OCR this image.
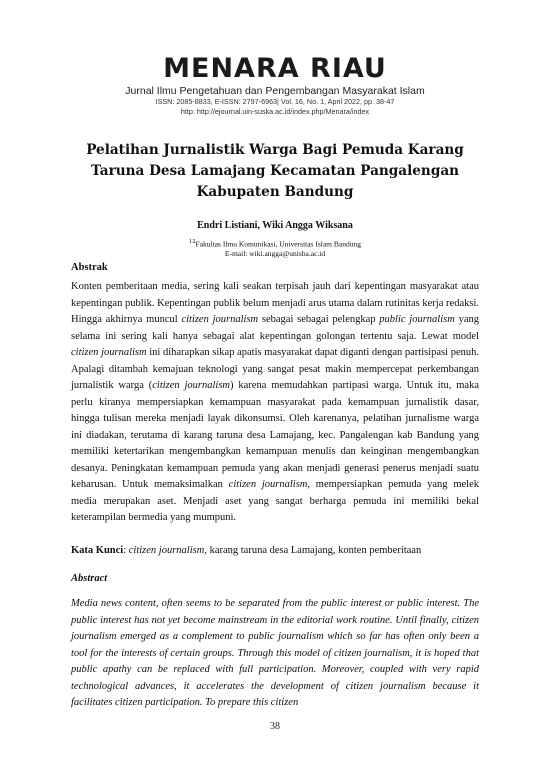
MENARA RIAU
Jurnal Ilmu Pengetahuan dan Pengembangan Masyarakat Islam
ISSN: 2085-8833, E-ISSN: 2797-6963| Vol. 16, No. 1, April 2022, pp. 38-47
http: http://ejournal.uin-suska.ac.id/index.php/Menara/index
Pelatihan Jurnalistik Warga Bagi Pemuda Karang Taruna Desa Lamajang Kecamatan Pangalengan Kabupaten Bandung
Endri Listiani, Wiki Angga Wiksana
$^{12}$Fakultas Ilmu Komunikasi, Universitas Islam Bandung
E-mail: wiki.angga@unisba.ac.id
Abstrak

Konten pemberitaan media, sering kali seakan terpisah jauh dari kepentingan masyarakat atau kepentingan publik. Kepentingan publik belum menjadi arus utama dalam rutinitas kerja redaksi. Hingga akhirnya muncul citizen journalism sebagai sebagai pelengkap public journalism yang selama ini sering kali hanya sebagai alat kepentingan golongan tertentu saja. Lewat model citizen journalism ini diharapkan sikap apatis masyarakat dapat diganti dengan partisipasi penuh. Apalagi ditambah kemajuan teknologi yang sangat pesat makin mempercepat perkembangan jurnalistik warga (citizen journalism) karena memudahkan partipasi warga. Untuk itu, maka perlu kiranya mempersiapkan kemampuan masyarakat pada kemampuan jurnalistik dasar, hingga tulisan mereka menjadi layak dikonsumsi. Oleh karenanya, pelatihan jurnalisme warga ini diadakan, terutama di karang taruna desa Lamajang, kec. Pangalengan kab Bandung yang memiliki ketertarikan mengembangkan kemampuan menulis dan keinginan mengembangkan desanya. Peningkatan kemampuan pemuda yang akan menjadi generasi penerus menjadi suatu keharusan. Untuk memaksimalkan citizen journalism, mempersiapkan pemuda yang melek media merupakan aset. Menjadi aset yang sangat berharga pemuda ini memiliki bekal keterampilan bermedia yang mumpuni.

Kata Kunci: citizen journalism, karang taruna desa Lamajang, konten pemberitaan
Abstract

Media news content, often seems to be separated from the public interest or public interest. The public interest has not yet become mainstream in the editorial work routine. Until finally, citizen journalism emerged as a complement to public journalism which so far has often only been a tool for the interests of certain groups. Through this model of citizen journalism, it is hoped that public apathy can be replaced with full participation. Moreover, coupled with very rapid technological advances, it accelerates the development of citizen journalism because it facilitates citizen participation. To prepare this citizen

38
